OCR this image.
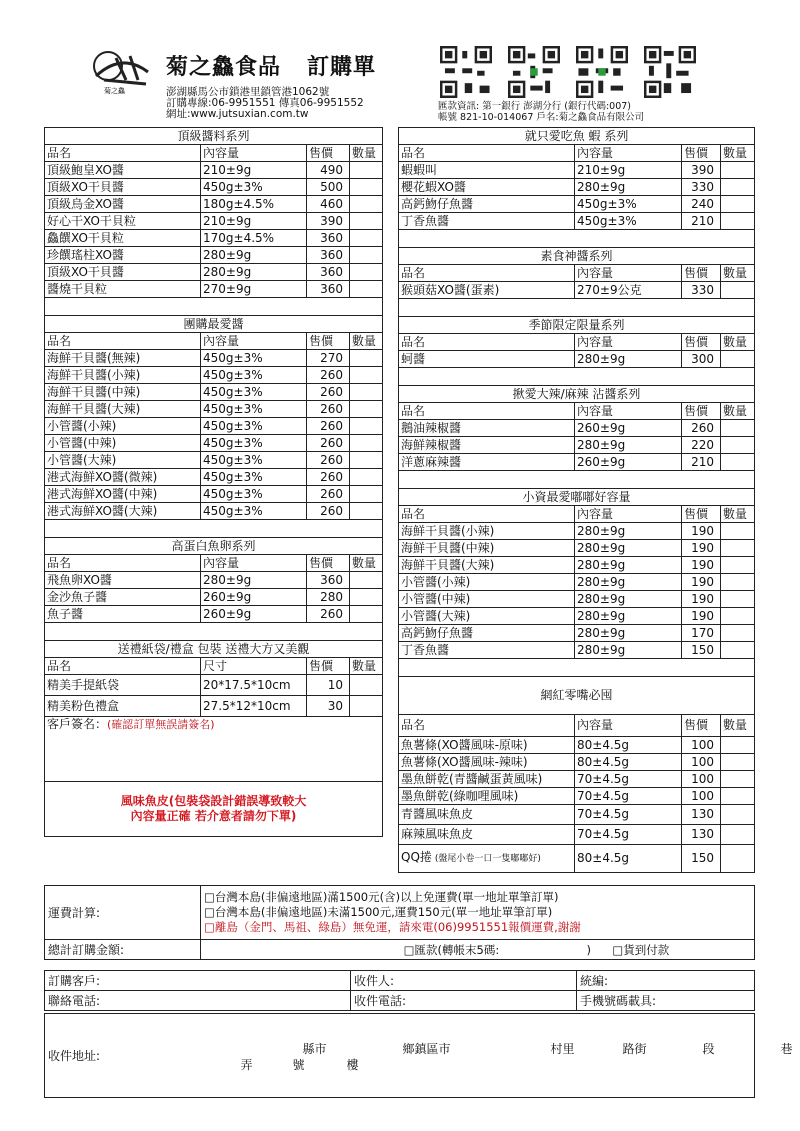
菊之鱻
菊之鱻食品 訂購單
澎湖縣馬公市鎖港里鎖管港1062號
訂購專線:06-9951551 傳真06-9951552
網址:www.jutsuxian.com.tw
匯款資訊: 第一銀行 澎湖分行 (銀行代碼:007)
帳號 821-10-014067 戶名:菊之鱻食品有限公司
頂級醬料系列			
品名	內容量	售價	數量
頂級鮑皇XO醬	210±9g	490	
頂級XO干貝醬	450g±3%	500	
頂級烏金XO醬	180g±4.5%	460	
好心干XO干貝粒	210±9g	390	
鱻饌XO干貝粒	170g±4.5%	360	
珍饌瑤柱XO醬	280±9g	360	
頂級XO干貝醬	280±9g	360	
醬燒干貝粒	270±9g	360	

團購最愛醬			
品名	內容量	售價	數量
海鮮干貝醬(無辣)	450g±3%	270	
海鮮干貝醬(小辣)	450g±3%	260	
海鮮干貝醬(中辣)	450g±3%	260	
海鮮干貝醬(大辣)	450g±3%	260	
小管醬(小辣)	450g±3%	260	
小管醬(中辣)	450g±3%	260	
小管醬(大辣)	450g±3%	260	
港式海鮮XO醬(微辣)	450g±3%	260	
港式海鮮XO醬(中辣)	450g±3%	260	
港式海鮮XO醬(大辣)	450g±3%	260	

高蛋白魚卵系列			
品名	內容量	售價	數量
飛魚卵XO醬	280±9g	360	
金沙魚子醬	260±9g	280	
魚子醬	260±9g	260	

送禮紙袋/禮盒 包裝 送禮大方又美觀			
品名	尺寸	售價	數量
精美手提紙袋	20*17.5*10cm	10	
精美粉色禮盒	27.5*12*10cm	30	
客戶簽名：(確認訂單無誤請簽名)			

風味魚皮(包裝袋設計錯誤導致較大
內容量正確 若介意者請勿下單)			
就只愛吃魚 蝦 系列			
品名	內容量	售價	數量
蝦蝦叫	210±9g	390	
櫻花蝦XO醬	280±9g	330	
高鈣魩仔魚醬	450g±3%	240	
丁香魚醬	450g±3%	210	

素食神醬系列			
品名	內容量	售價	數量
猴頭菇XO醬(蛋素)	270±9公克	330	

季節限定限量系列			
品名	內容量	售價	數量
蚵醬	280±9g	300	

揪愛大辣/麻辣 沾醬系列			
品名	內容量	售價	數量
鵝油辣椒醬	260±9g	260	
海鮮辣椒醬	280±9g	220	
洋蔥麻辣醬	260±9g	210	

小資最愛嘟嘟好容量			
品名	內容量	售價	數量
海鮮干貝醬(小辣)	280±9g	190	
海鮮干貝醬(中辣)	280±9g	190	
海鮮干貝醬(大辣)	280±9g	190	
小管醬(小辣)	280±9g	190	
小管醬(中辣)	280±9g	190	
小管醬(大辣)	280±9g	190	
高鈣魩仔魚醬	280±9g	170	
丁香魚醬	280±9g	150	

網紅零嘴必囤			
品名	內容量	售價	數量
魚薯條(XO醬風味-原味)	80±4.5g	100	
魚薯條(XO醬風味-辣味)	80±4.5g	100	
墨魚餅乾(青醬鹹蛋黃風味)	70±4.5g	100	
墨魚餅乾(綠咖哩風味)	70±4.5g	100	
青醬風味魚皮	70±4.5g	130	
麻辣風味魚皮	70±4.5g	130	
QQ捲 (盤尾小卷一口一隻嘟嘟好)	80±4.5g	150	
運費計算:	□台灣本島(非偏遠地區)滿1500元(含)以上免運費(單一地址單筆訂單)
□台灣本島(非偏遠地區)未滿1500元,運費150元(單一地址單筆訂單)
□離島（金門、馬祖、綠島）無免運，請來電(06)9951551報價運費,謝謝

總計訂購金額:	□匯款(轉帳末5碼: ) □貨到付款
訂購客戶:	收件人:	統編:
聯絡電話:	收件電話:	手機號碼載具:
收件地址:	縣市	鄉鎮區市	村里	路街	段	巷
弄	號	樓
